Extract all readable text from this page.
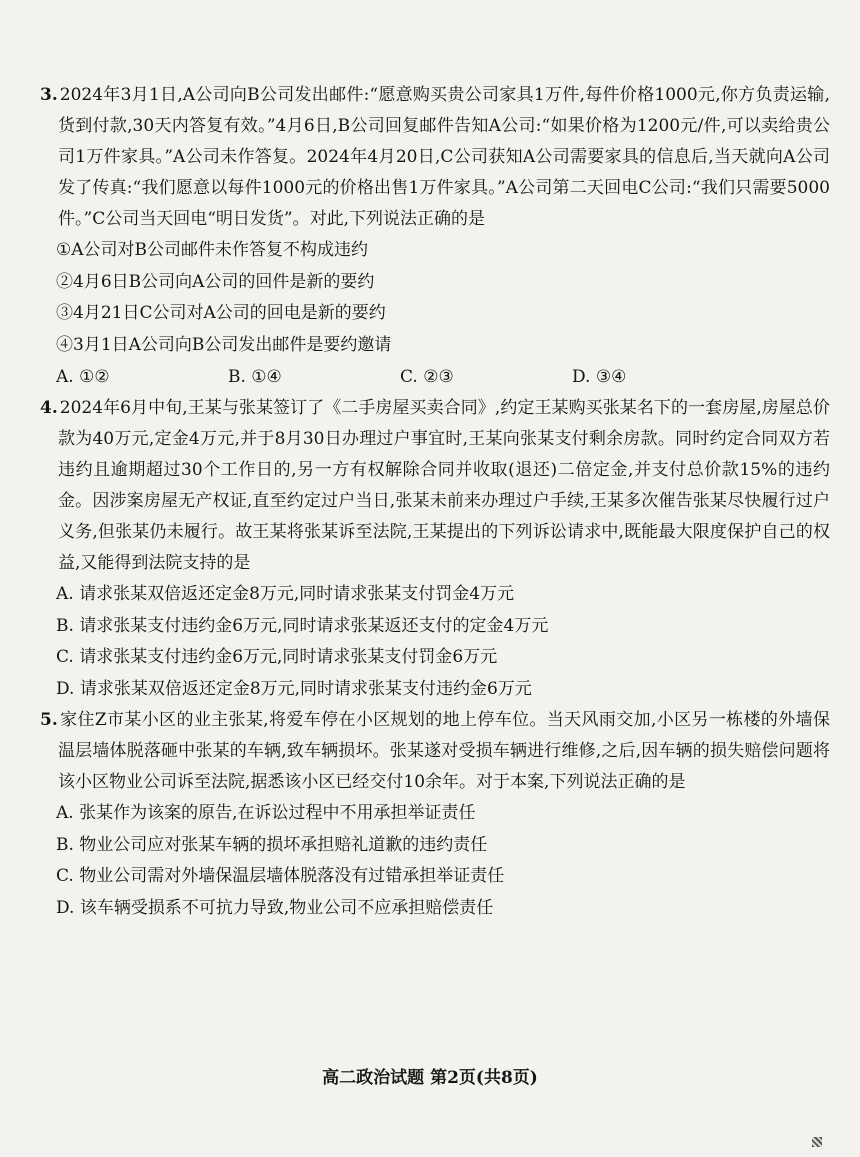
3. 2024年3月1日,A公司向B公司发出邮件:“愿意购买贵公司家具1万件,每件价格1000元,你方负责运输,货到付款,30天内答复有效。”4月6日,B公司回复邮件告知A公司:“如果价格为1200元/件,可以卖给贵公司1万件家具。”A公司未作答复。2024年4月20日,C公司获知A公司需要家具的信息后,当天就向A公司发了传真:“我们愿意以每件1000元的价格出售1万件家具。”A公司第二天回电C公司:“我们只需要5000件。”C公司当天回电“明日发货”。对此,下列说法正确的是

①A公司对B公司邮件未作答复不构成违约

②4月6日B公司向A公司的回件是新的要约

③4月21日C公司对A公司的回电是新的要约

④3月1日A公司向B公司发出邮件是要约邀请

A. ①②	B. ①④	C. ②③	D. ③④

4. 2024年6月中旬,王某与张某签订了《二手房屋买卖合同》,约定王某购买张某名下的一套房屋,房屋总价款为40万元,定金4万元,并于8月30日办理过户事宜时,王某向张某支付剩余房款。同时约定合同双方若违约且逾期超过30个工作日的,另一方有权解除合同并收取(退还)二倍定金,并支付总价款15%的违约金。因涉案房屋无产权证,直至约定过户当日,张某未前来办理过户手续,王某多次催告张某尽快履行过户义务,但张某仍未履行。故王某将张某诉至法院,王某提出的下列诉讼请求中,既能最大限度保护自己的权益,又能得到法院支持的是

A. 请求张某双倍返还定金8万元,同时请求张某支付罚金4万元

B. 请求张某支付违约金6万元,同时请求张某返还支付的定金4万元

C. 请求张某支付违约金6万元,同时请求张某支付罚金6万元

D. 请求张某双倍返还定金8万元,同时请求张某支付违约金6万元

5. 家住Z市某小区的业主张某,将爱车停在小区规划的地上停车位。当天风雨交加,小区另一栋楼的外墙保温层墙体脱落砸中张某的车辆,致车辆损坏。张某遂对受损车辆进行维修,之后,因车辆的损失赔偿问题将该小区物业公司诉至法院,据悉该小区已经交付10余年。对于本案,下列说法正确的是

A. 张某作为该案的原告,在诉讼过程中不用承担举证责任

B. 物业公司应对张某车辆的损坏承担赔礼道歉的违约责任

C. 物业公司需对外墙保温层墙体脱落没有过错承担举证责任

D. 该车辆受损系不可抗力导致,物业公司不应承担赔偿责任

高二政治试题 第2页(共8页)
